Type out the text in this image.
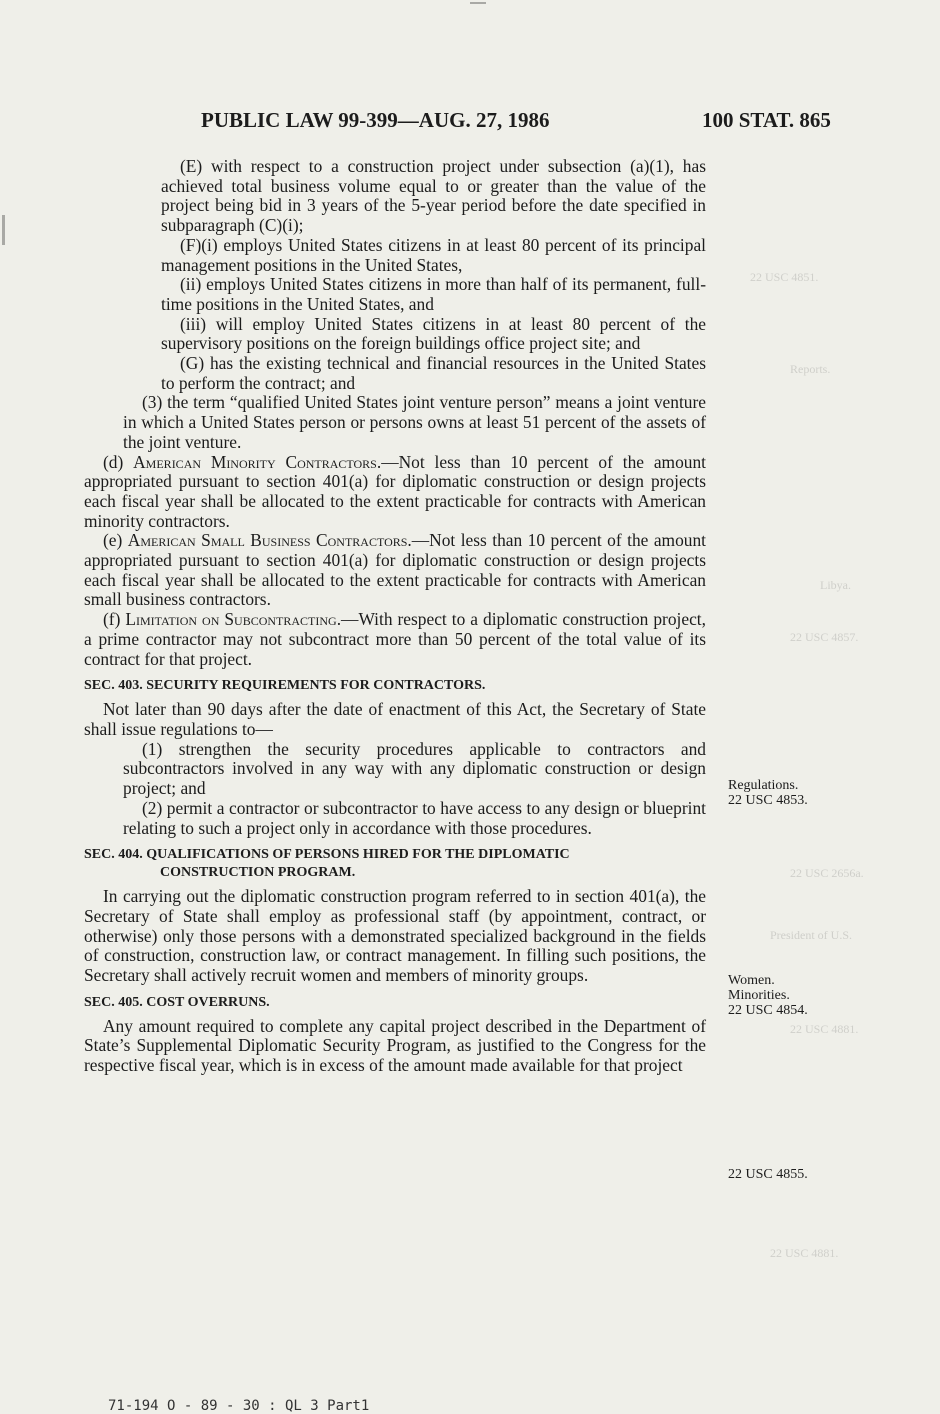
22 USC 4851.
Reports.
Libya.
22 USC 4857.
22 USC 2656a.
President of U.S.
22 USC 4881.
22 USC 4881.
PUBLIC LAW 99-399—AUG. 27, 1986	100 STAT. 865

(E) with respect to a construction project under subsection (a)(1), has achieved total business volume equal to or greater than the value of the project being bid in 3 years of the 5-year period before the date specified in subparagraph (C)(i);

(F)(i) employs United States citizens in at least 80 percent of its principal management positions in the United States,

(ii) employs United States citizens in more than half of its permanent, full-time positions in the United States, and

(iii) will employ United States citizens in at least 80 percent of the supervisory positions on the foreign buildings office project site; and

(G) has the existing technical and financial resources in the United States to perform the contract; and

(3) the term “qualified United States joint venture person” means a joint venture in which a United States person or persons owns at least 51 percent of the assets of the joint venture.

(d) American Minority Contractors.—Not less than 10 percent of the amount appropriated pursuant to section 401(a) for diplomatic construction or design projects each fiscal year shall be allocated to the extent practicable for contracts with American minority contractors.

(e) American Small Business Contractors.—Not less than 10 percent of the amount appropriated pursuant to section 401(a) for diplomatic construction or design projects each fiscal year shall be allocated to the extent practicable for contracts with American small business contractors.

(f) Limitation on Subcontracting.—With respect to a diplomatic construction project, a prime contractor may not subcontract more than 50 percent of the total value of its contract for that project.

SEC. 403. SECURITY REQUIREMENTS FOR CONTRACTORS.

Not later than 90 days after the date of enactment of this Act, the Secretary of State shall issue regulations to—

(1) strengthen the security procedures applicable to contractors and subcontractors involved in any way with any diplomatic construction or design project; and

(2) permit a contractor or subcontractor to have access to any design or blueprint relating to such a project only in accordance with those procedures.

SEC. 404. QUALIFICATIONS OF PERSONS HIRED FOR THE DIPLOMATIC
CONSTRUCTION PROGRAM.

In carrying out the diplomatic construction program referred to in section 401(a), the Secretary of State shall employ as professional staff (by appointment, contract, or otherwise) only those persons with a demonstrated specialized background in the fields of construction, construction law, or contract management. In filling such positions, the Secretary shall actively recruit women and members of minority groups.

SEC. 405. COST OVERRUNS.

Any amount required to complete any capital project described in the Department of State’s Supplemental Diplomatic Security Program, as justified to the Congress for the respective fiscal year, which is in excess of the amount made available for that project

Regulations.
22 USC 4853.
Women.
Minorities.
22 USC 4854.
22 USC 4855.
71-194 O - 89 - 30 : QL 3 Part1
